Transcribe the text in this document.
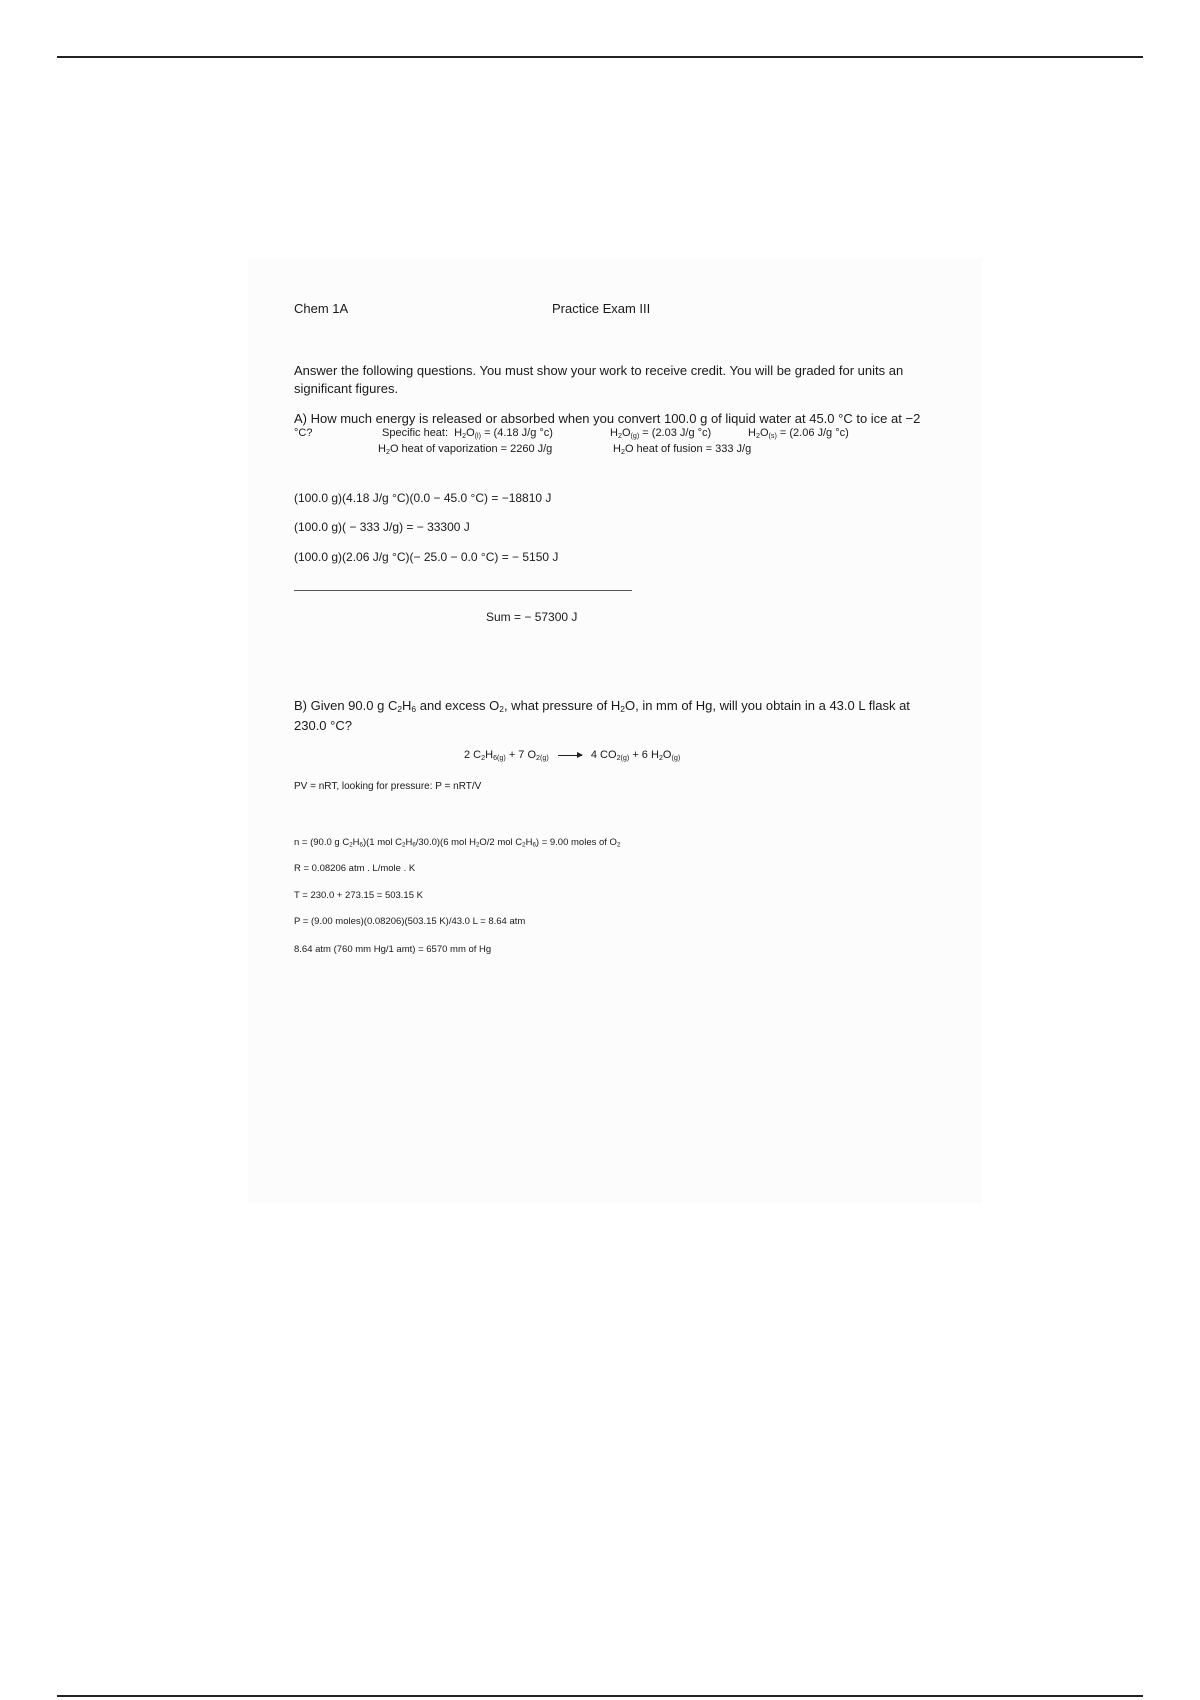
Chem 1A	Practice Exam III
Answer the following questions. You must show your work to receive credit. You will be graded for units an
significant figures.
A) How much energy is released or absorbed when you convert 100.0 g of liquid water at 45.0 °C to ice at −2
°C?	Specific heat:  $H_2O_{(l)} = (4.18$ J/g °c)	$H_2O_{(g)} = (2.03$ J/g °c)	$H_2O_{(s)} = (2.06$ J/g °c)
$H_2O$ heat of vaporization = 2260 J/g	$H_2O$ heat of fusion = 333 J/g
(100.0 g)(4.18 J/g °C)(0.0 − 45.0 °C) = −18810 J
(100.0 g)( − 333 J/g) = − 33300 J
(100.0 g)(2.06 J/g °C)(− 25.0 − 0.0 °C) = − 5150 J
Sum = − 57300 J
B) Given 90.0 g $C_2H_6$ and excess $O_2$, what pressure of $H_2O$, in mm of Hg, will you obtain in a 43.0 L flask at
230.0 °C?
2 $C_2H_{6(g)} + 7$ $O_{2(g)} \to 4$ $CO_{2(g)} + 6$ $H_2O_{(g)}$
PV = nRT, looking for pressure: P = nRT/V
n = (90.0 g $C_2H_6)(1$ mol $C_2H_6/30.0)(6$ mol $H_2O/2$ mol $C_2H_6) = 9.00$ moles of $O_2$
R = 0.08206 atm . L/mole . K
T = 230.0 + 273.15 = 503.15 K
P = (9.00 moles)(0.08206)(503.15 K)/43.0 L = 8.64 atm
8.64 atm (760 mm Hg/1 amt) = 6570 mm of Hg
